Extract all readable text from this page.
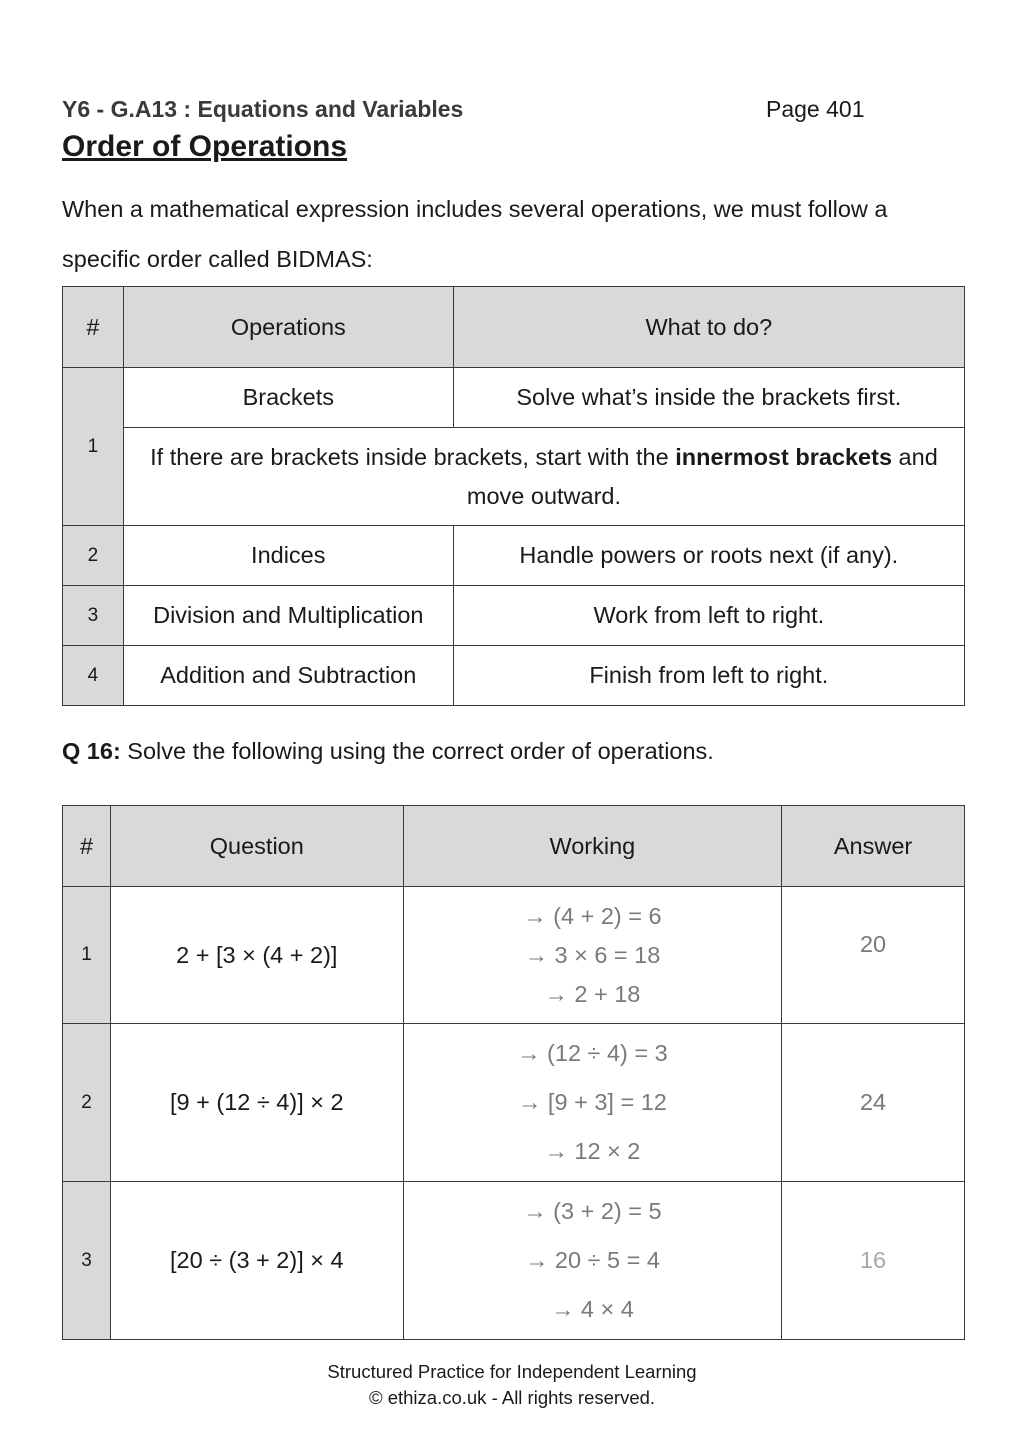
Y6 - G.A13 : Equations and Variables	Page 401
Order of Operations
When a mathematical expression includes several operations, we must follow a specific order called BIDMAS:
#	Operations	What to do?
1	Brackets	Solve what’s inside the brackets first.
	If there are brackets inside brackets, start with the innermost brackets and move outward.	
2	Indices	Handle powers or roots next (if any).
3	Division and Multiplication	Work from left to right.
4	Addition and Subtraction	Finish from left to right.
Q 16: Solve the following using the correct order of operations.
#	Question	Working	Answer
1	2 + [3 × (4 + 2)]	→ (4 + 2) = 6
→ 3 × 6 = 18
→ 2 + 18	20
2	[9 + (12 ÷ 4)] × 2	→ (12 ÷ 4) = 3
→ [9 + 3] = 12
→ 12 × 2	24
3	[20 ÷ (3 + 2)] × 4	→ (3 + 2) = 5
→ 20 ÷ 5 = 4
→ 4 × 4	16
Structured Practice for Independent Learning
© ethiza.co.uk - All rights reserved.
